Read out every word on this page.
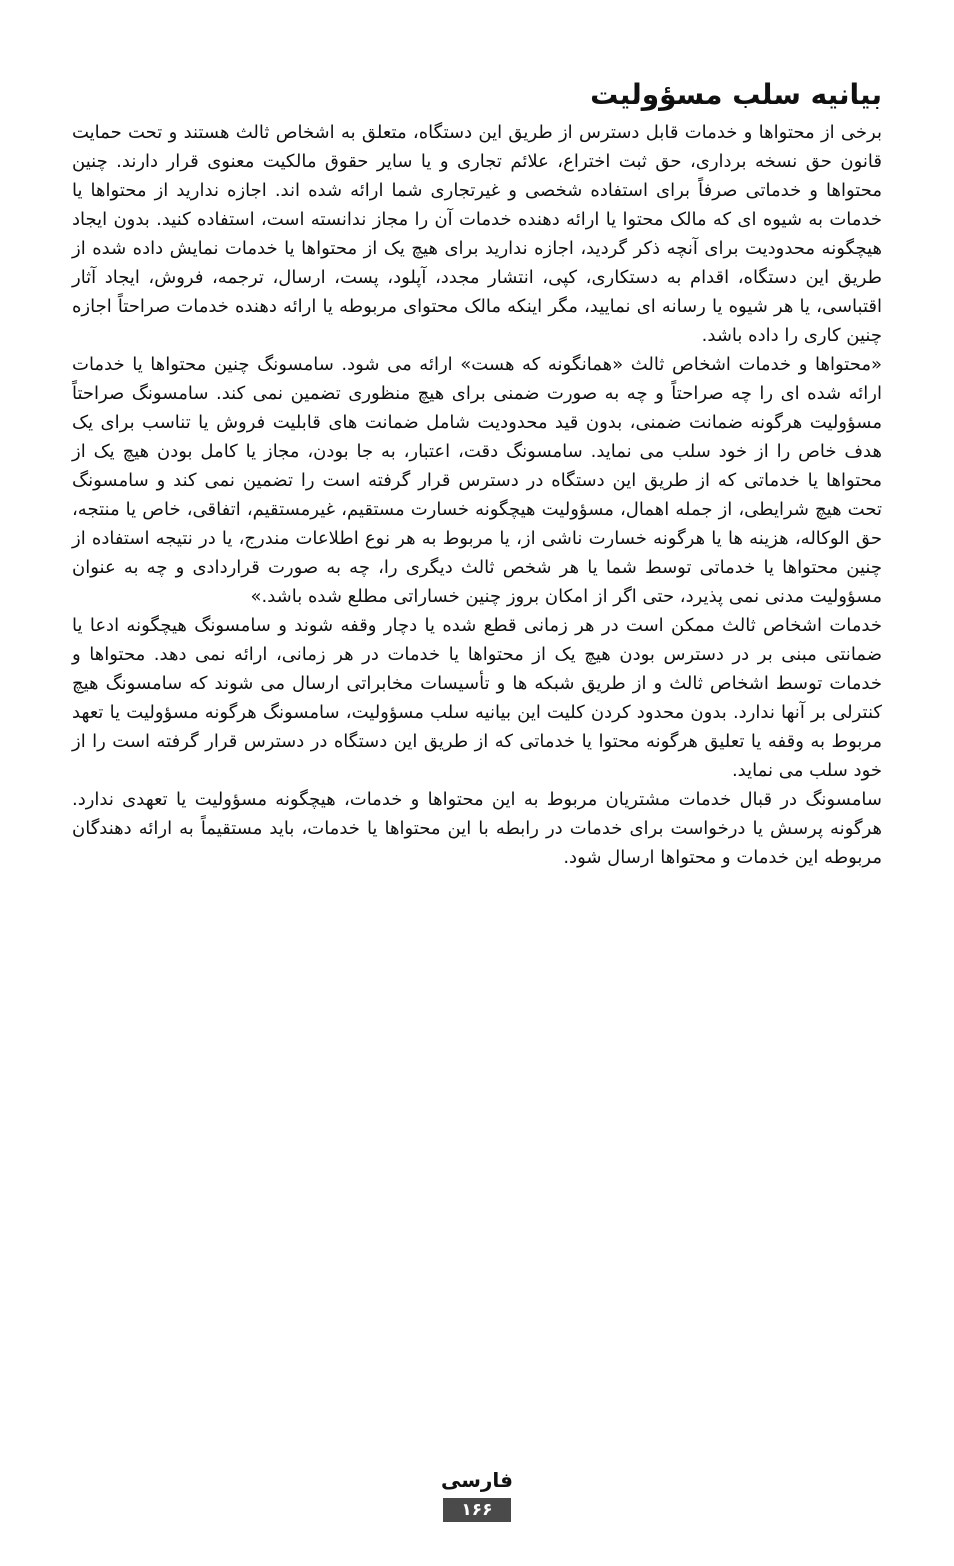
بیانیه سلب مسؤولیت

برخی از محتواها و خدمات قابل دسترس از طریق این دستگاه، متعلق به اشخاص ثالث هستند و تحت حمایت قانون حق نسخه برداری، حق ثبت اختراع، علائم تجاری و یا سایر حقوق مالکیت معنوی قرار دارند. چنین محتواها و خدماتی صرفاً برای استفاده شخصی و غیرتجاری شما ارائه شده اند. اجازه ندارید از محتواها یا خدمات به شیوه ای که مالک محتوا یا ارائه دهنده خدمات آن را مجاز ندانسته است، استفاده کنید. بدون ایجاد هیچگونه محدودیت برای آنچه ذکر گردید، اجازه ندارید برای هیچ یک از محتواها یا خدمات نمایش داده شده از طریق این دستگاه، اقدام به دستکاری، کپی، انتشار مجدد، آپلود، پست، ارسال، ترجمه، فروش، ایجاد آثار اقتباسی، یا هر شیوه یا رسانه ای نمایید، مگر اینکه مالک محتوای مربوطه یا ارائه دهنده خدمات صراحتاً اجازه چنین کاری را داده باشد.

«محتواها و خدمات اشخاص ثالث «همانگونه که هست» ارائه می شود. سامسونگ چنین محتواها یا خدمات ارائه شده ای را چه صراحتاً و چه به صورت ضمنی برای هیچ منظوری تضمین نمی کند. سامسونگ صراحتاً مسؤولیت هرگونه ضمانت ضمنی، بدون قید محدودیت شامل ضمانت های قابلیت فروش یا تناسب برای یک هدف خاص را از خود سلب می نماید. سامسونگ دقت، اعتبار، به جا بودن، مجاز یا کامل بودن هیچ یک از محتواها یا خدماتی که از طریق این دستگاه در دسترس قرار گرفته است را تضمین نمی کند و سامسونگ تحت هیچ شرایطی، از جمله اهمال، مسؤولیت هیچگونه خسارت مستقیم، غیرمستقیم، اتفاقی، خاص یا منتجه، حق الوکاله، هزینه ها یا هرگونه خسارت ناشی از، یا مربوط به هر نوع اطلاعات مندرج، یا در نتیجه استفاده از چنین محتواها یا خدماتی توسط شما یا هر شخص ثالث دیگری را، چه به صورت قراردادی و چه به عنوان مسؤولیت مدنی نمی پذیرد، حتی اگر از امکان بروز چنین خساراتی مطلع شده باشد.»

خدمات اشخاص ثالث ممکن است در هر زمانی قطع شده یا دچار وقفه شوند و سامسونگ هیچگونه ادعا یا ضمانتی مبنی بر در دسترس بودن هیچ یک از محتواها یا خدمات در هر زمانی، ارائه نمی دهد. محتواها و خدمات توسط اشخاص ثالث و از طریق شبکه ها و تأسیسات مخابراتی ارسال می شوند که سامسونگ هیچ کنترلی بر آنها ندارد. بدون محدود کردن کلیت این بیانیه سلب مسؤولیت، سامسونگ هرگونه مسؤولیت یا تعهد مربوط به وقفه یا تعلیق هرگونه محتوا یا خدماتی که از طریق این دستگاه در دسترس قرار گرفته است را از خود سلب می نماید.

سامسونگ در قبال خدمات مشتریان مربوط به این محتواها و خدمات، هیچگونه مسؤولیت یا تعهدی ندارد. هرگونه پرسش یا درخواست برای خدمات در رابطه با این محتواها یا خدمات، باید مستقیماً به ارائه دهندگان مربوطه این خدمات و محتواها ارسال شود.

فارسی
۱۶۶
